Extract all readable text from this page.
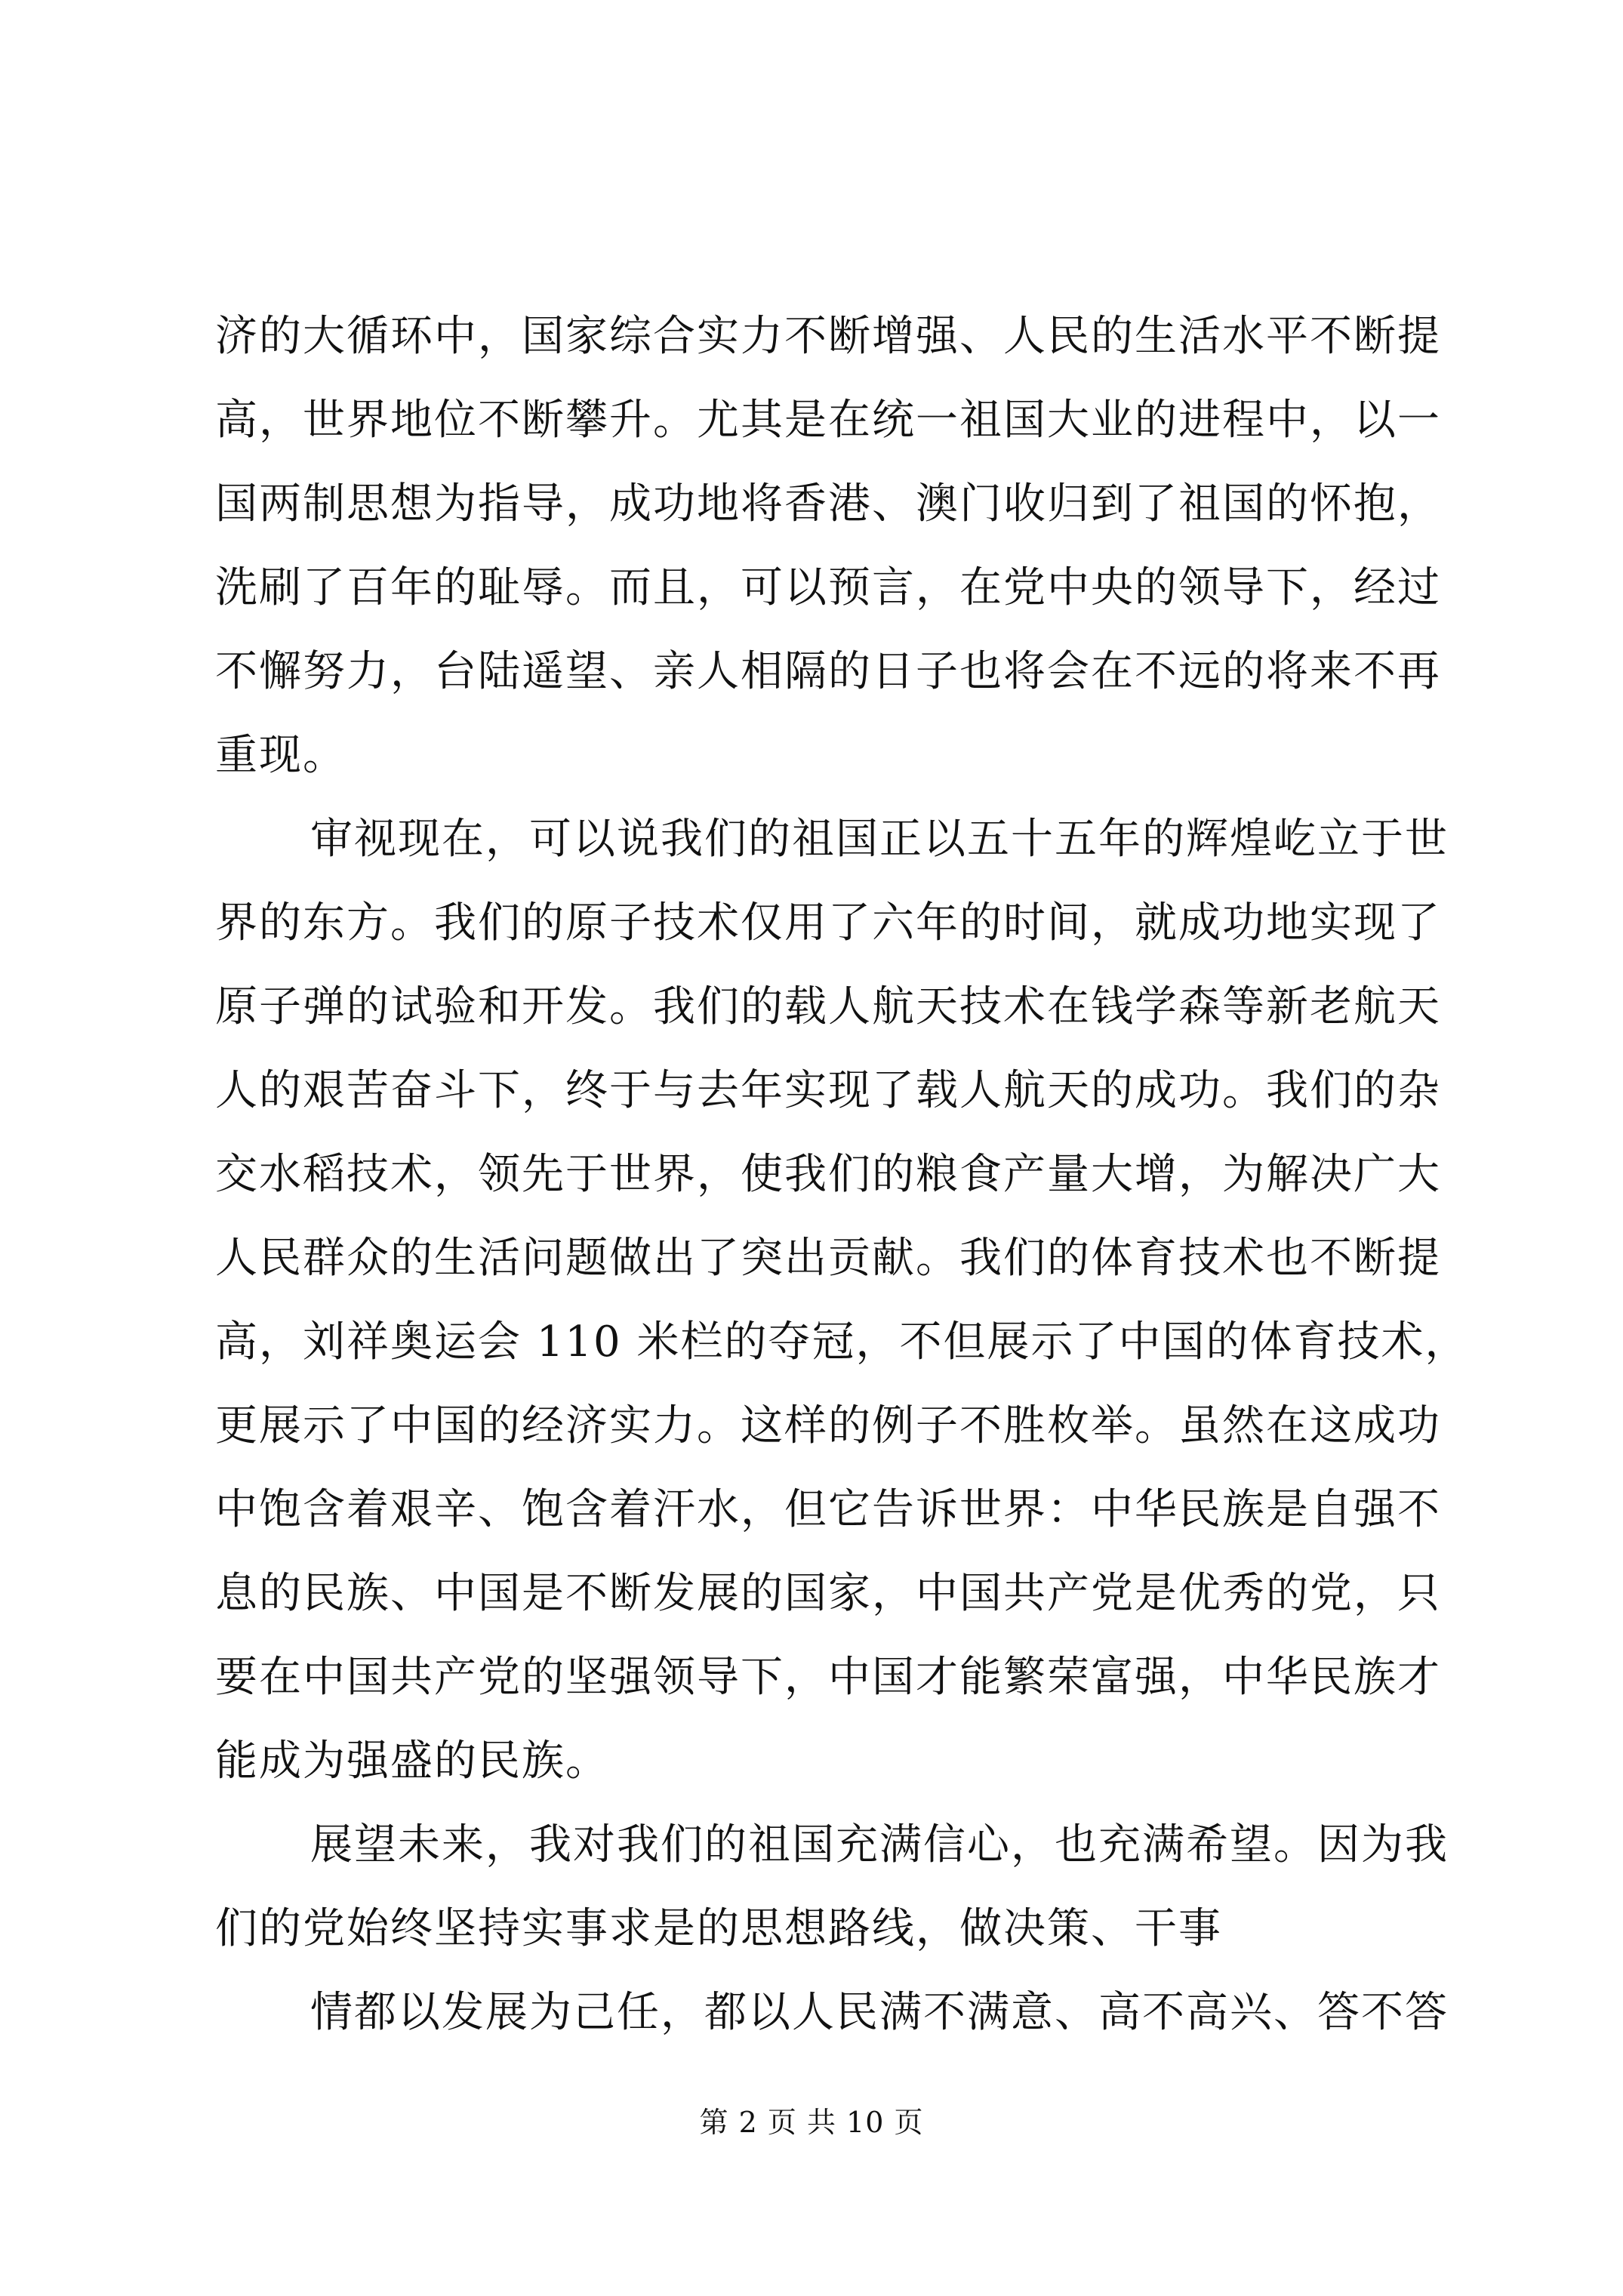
济的大循环中，国家综合实力不断增强、人民的生活水平不断提
高，世界地位不断攀升。尤其是在统一祖国大业的进程中，以一
国两制思想为指导，成功地将香港、澳门收归到了祖国的怀抱，
洗刷了百年的耻辱。而且，可以预言，在党中央的领导下，经过
不懈努力，台陆遥望、亲人相隔的日子也将会在不远的将来不再
重现。
审视现在，可以说我们的祖国正以五十五年的辉煌屹立于世
界的东方。我们的原子技术仅用了六年的时间，就成功地实现了
原子弹的试验和开发。我们的载人航天技术在钱学森等新老航天
人的艰苦奋斗下，终于与去年实现了载人航天的成功。我们的杂
交水稻技术，领先于世界，使我们的粮食产量大增，为解决广大
人民群众的生活问题做出了突出贡献。我们的体育技术也不断提
高，刘祥奥运会 110 米栏的夺冠，不但展示了中国的体育技术，
更展示了中国的经济实力。这样的例子不胜枚举。虽然在这成功
中饱含着艰辛、饱含着汗水，但它告诉世界：中华民族是自强不
息的民族、中国是不断发展的国家，中国共产党是优秀的党，只
要在中国共产党的坚强领导下，中国才能繁荣富强，中华民族才
能成为强盛的民族。
展望未来，我对我们的祖国充满信心，也充满希望。因为我
们的党始终坚持实事求是的思想路线，做决策、干事
情都以发展为己任，都以人民满不满意、高不高兴、答不答
第 2 页 共 10 页
